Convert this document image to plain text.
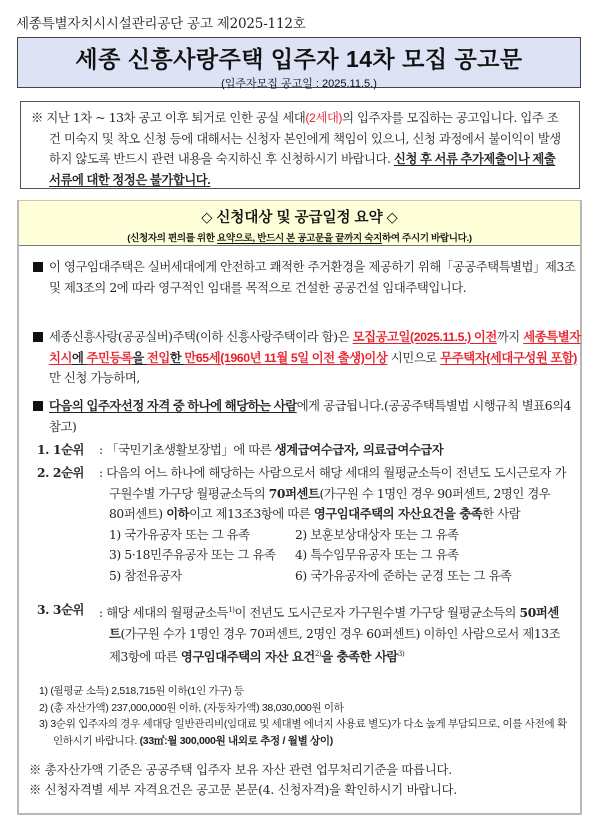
세종특별자치시시설관리공단 공고 제2025-112호
세종 신흥사랑주택 입주자 14차 모집 공고문
(입주자모집 공고일 : 2025.11.5.)
※ 지난 1차 ~ 13차 공고 이후 퇴거로 인한 공실 세대(2세대)의 입주자를 모집하는 공고입니다. 입주 조건 미숙지 및 착오 신청 등에 대해서는 신청자 본인에게 책임이 있으니, 신청 과정에서 불이익이 발생하지 않도록 반드시 관련 내용을 숙지하신 후 신청하시기 바랍니다. 신청 후 서류 추가제출이나 제출 서류에 대한 정정은 불가합니다.
◇ 신청대상 및 공급일정 요약 ◇
(신청자의 편의를 위한 요약으로, 반드시 본 공고문을 끝까지 숙지하여 주시기 바랍니다.)
이 영구임대주택은 실버세대에게 안전하고 쾌적한 주거환경을 제공하기 위해「공공주택특별법」제3조 및 제3조의 2에 따라 영구적인 임대를 목적으로 건설한 공공건설 임대주택입니다.
세종신흥사랑(공공실버)주택(이하 신흥사랑주택이라 함)은 모집공고일(2025.11.5.) 이전까지 세종특별자치시에 주민등록을 전입한 만65세(1960년 11월 5일 이전 출생)이상 시민으로 무주택자(세대구성원 포함)만 신청 가능하며,
다음의 입주자선정 자격 중 하나에 해당하는 사람에게 공급됩니다.(공공주택특별법 시행규칙 별표6의4 참고)
1. 1순위 : 「국민기초생활보장법」에 따른 생계급여수급자, 의료급여수급자
2. 2순위 : 다음의 어느 하나에 해당하는 사람으로서 해당 세대의 월평균소득이 전년도 도시근로자 가구원수별 가구당 월평균소득의 70퍼센트(가구원 수 1명인 경우 90퍼센트, 2명인 경우 80퍼센트) 이하이고 제13조3항에 따른 영구임대주택의 자산요건을 충족한 사람
1) 국가유공자 또는 그 유족	2) 보훈보상대상자 또는 그 유족
3) 5·18민주유공자 또는 그 유족	4) 특수임무유공자 또는 그 유족
5) 참전유공자	6) 국가유공자에 준하는 군경 또는 그 유족
3. 3순위 : 해당 세대의 월평균소득$^{1)}$이 전년도 도시근로자 가구원수별 가구당 월평균소득의 50퍼센트(가구원 수가 1명인 경우 70퍼센트, 2명인 경우 60퍼센트) 이하인 사람으로서 제13조제3항에 따른 영구임대주택의 자산 요건$^{2)}$을 충족한 사람$^{3)}$
1) (월평균 소득) 2,518,715원 이하(1인 가구) 등
2) (총 자산가액) 237,000,000원 이하, (자동차가액) 38,030,000원 이하
3) 3순위 입주자의 경우 세대당 일반관리비(임대료 및 세대별 에너지 사용료 별도)가 다소 높게 부담되므로, 이를 사전에 확인하시기 바랍니다. (33㎡:월 300,000원 내외로 추정 / 월별 상이)
※ 총자산가액 기준은 공공주택 입주자 보유 자산 관련 업무처리기준을 따릅니다.
※ 신청자격별 세부 자격요건은 공고문 본문(4. 신청자격)을 확인하시기 바랍니다.
